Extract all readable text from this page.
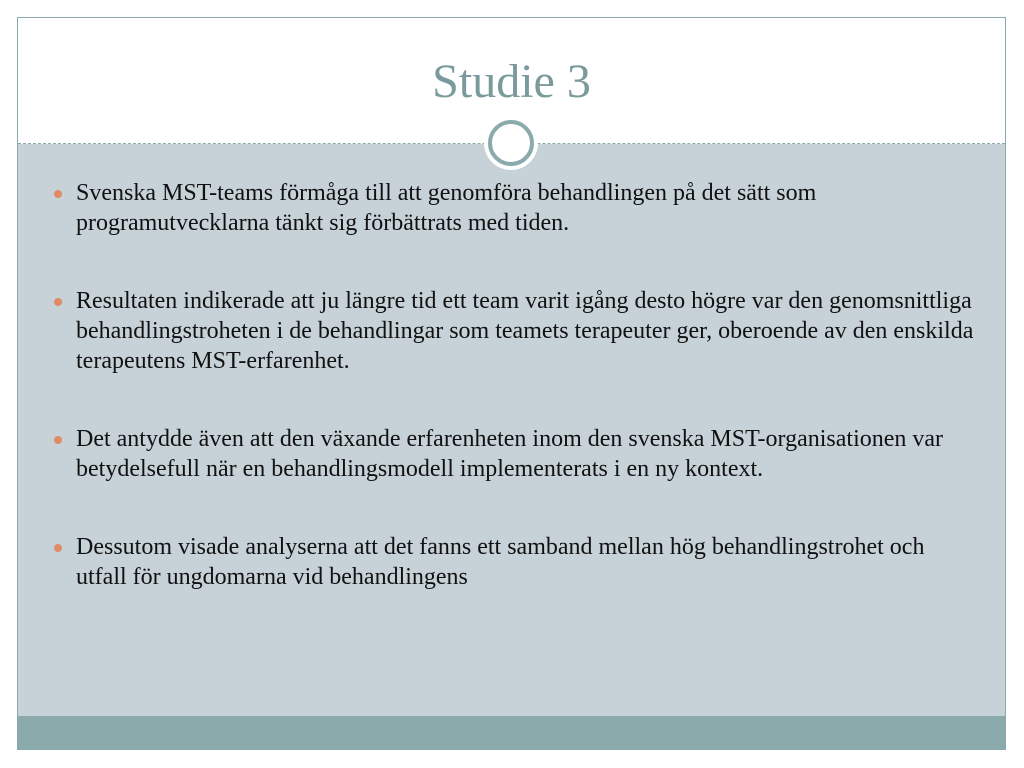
Studie 3
Svenska MST-teams förmåga till att genomföra behandlingen på det sätt som programutvecklarna tänkt sig förbättrats med tiden.
Resultaten indikerade att ju längre tid ett team varit igång desto högre var den genomsnittliga behandlingstroheten i de behandlingar som teamets terapeuter ger, oberoende av den enskilda terapeutens MST-erfarenhet.
Det antydde även att den växande erfarenheten inom den svenska MST-organisationen var betydelsefull när en behandlingsmodell implementerats i en ny kontext.
Dessutom visade analyserna att det fanns ett samband mellan hög behandlingstrohet och utfall för ungdomarna vid behandlingens
